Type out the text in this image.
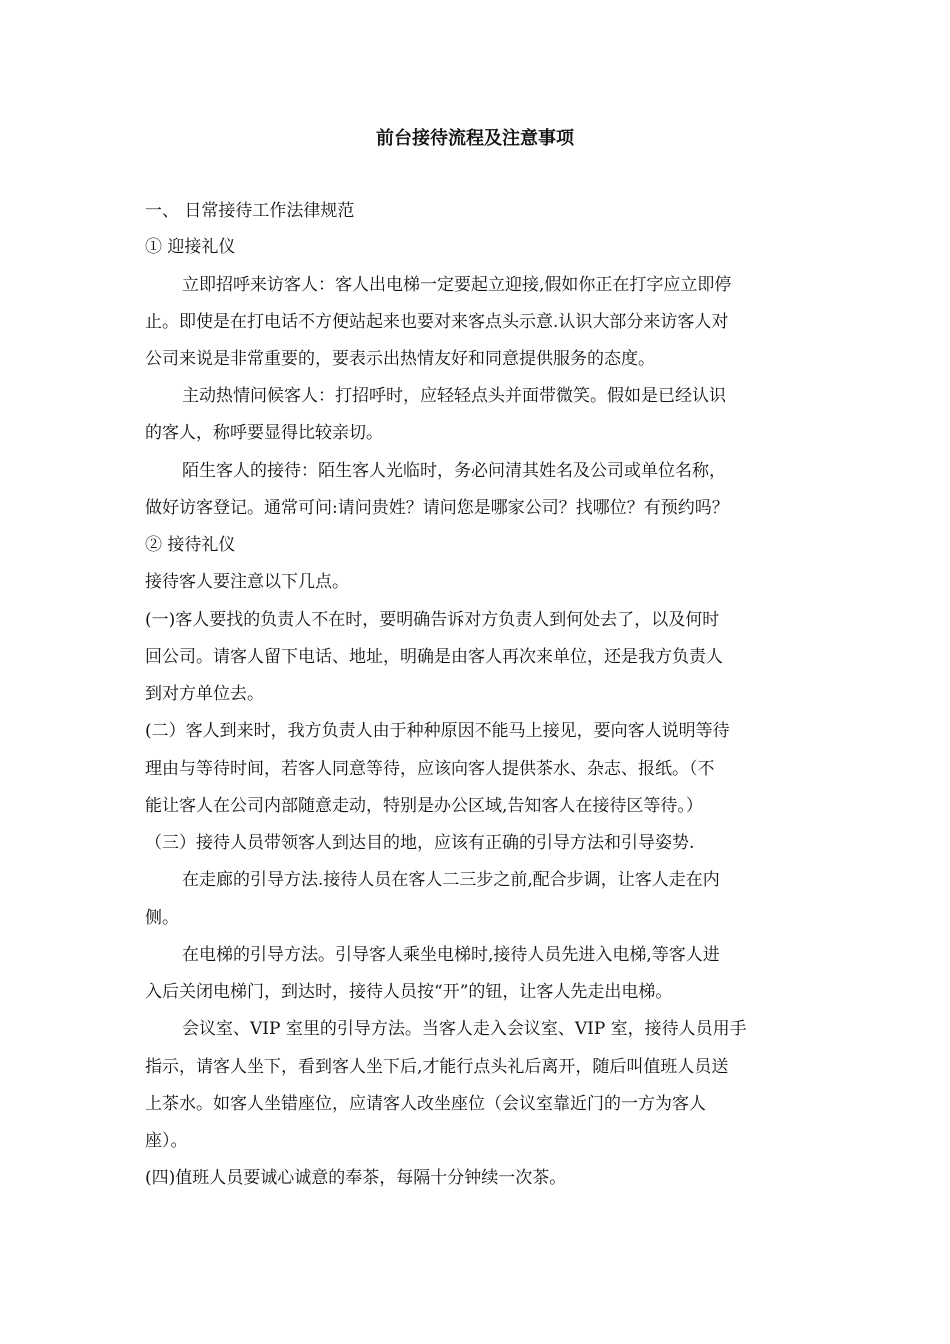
前台接待流程及注意事项
一、 日常接待工作法律规范
① 迎接礼仪
立即招呼来访客人：客人出电梯一定要起立迎接,假如你正在打字应立即停
止。即使是在打电话不方便站起来也要对来客点头示意.认识大部分来访客人对
公司来说是非常重要的，要表示出热情友好和同意提供服务的态度。
主动热情问候客人：打招呼时，应轻轻点头并面带微笑。假如是已经认识
的客人，称呼要显得比较亲切。
陌生客人的接待：陌生客人光临时，务必问清其姓名及公司或单位名称，
做好访客登记。通常可问:请问贵姓？请问您是哪家公司？找哪位？有预约吗？
② 接待礼仪
接待客人要注意以下几点。
(一)客人要找的负责人不在时，要明确告诉对方负责人到何处去了，以及何时
回公司。请客人留下电话、地址，明确是由客人再次来单位，还是我方负责人
到对方单位去。
(二）客人到来时，我方负责人由于种种原因不能马上接见，要向客人说明等待
理由与等待时间，若客人同意等待，应该向客人提供茶水、杂志、报纸。（不
能让客人在公司内部随意走动，特别是办公区域,告知客人在接待区等待。）
（三）接待人员带领客人到达目的地，应该有正确的引导方法和引导姿势.
在走廊的引导方法.接待人员在客人二三步之前,配合步调，让客人走在内
侧。
在电梯的引导方法。引导客人乘坐电梯时,接待人员先进入电梯,等客人进
入后关闭电梯门，到达时，接待人员按“开”的钮，让客人先走出电梯。
会议室、VIP 室里的引导方法。当客人走入会议室、VIP 室，接待人员用手
指示，请客人坐下，看到客人坐下后,才能行点头礼后离开，随后叫值班人员送
上茶水。如客人坐错座位，应请客人改坐座位（会议室靠近门的一方为客人
座）。
(四)值班人员要诚心诚意的奉茶，每隔十分钟续一次茶。
